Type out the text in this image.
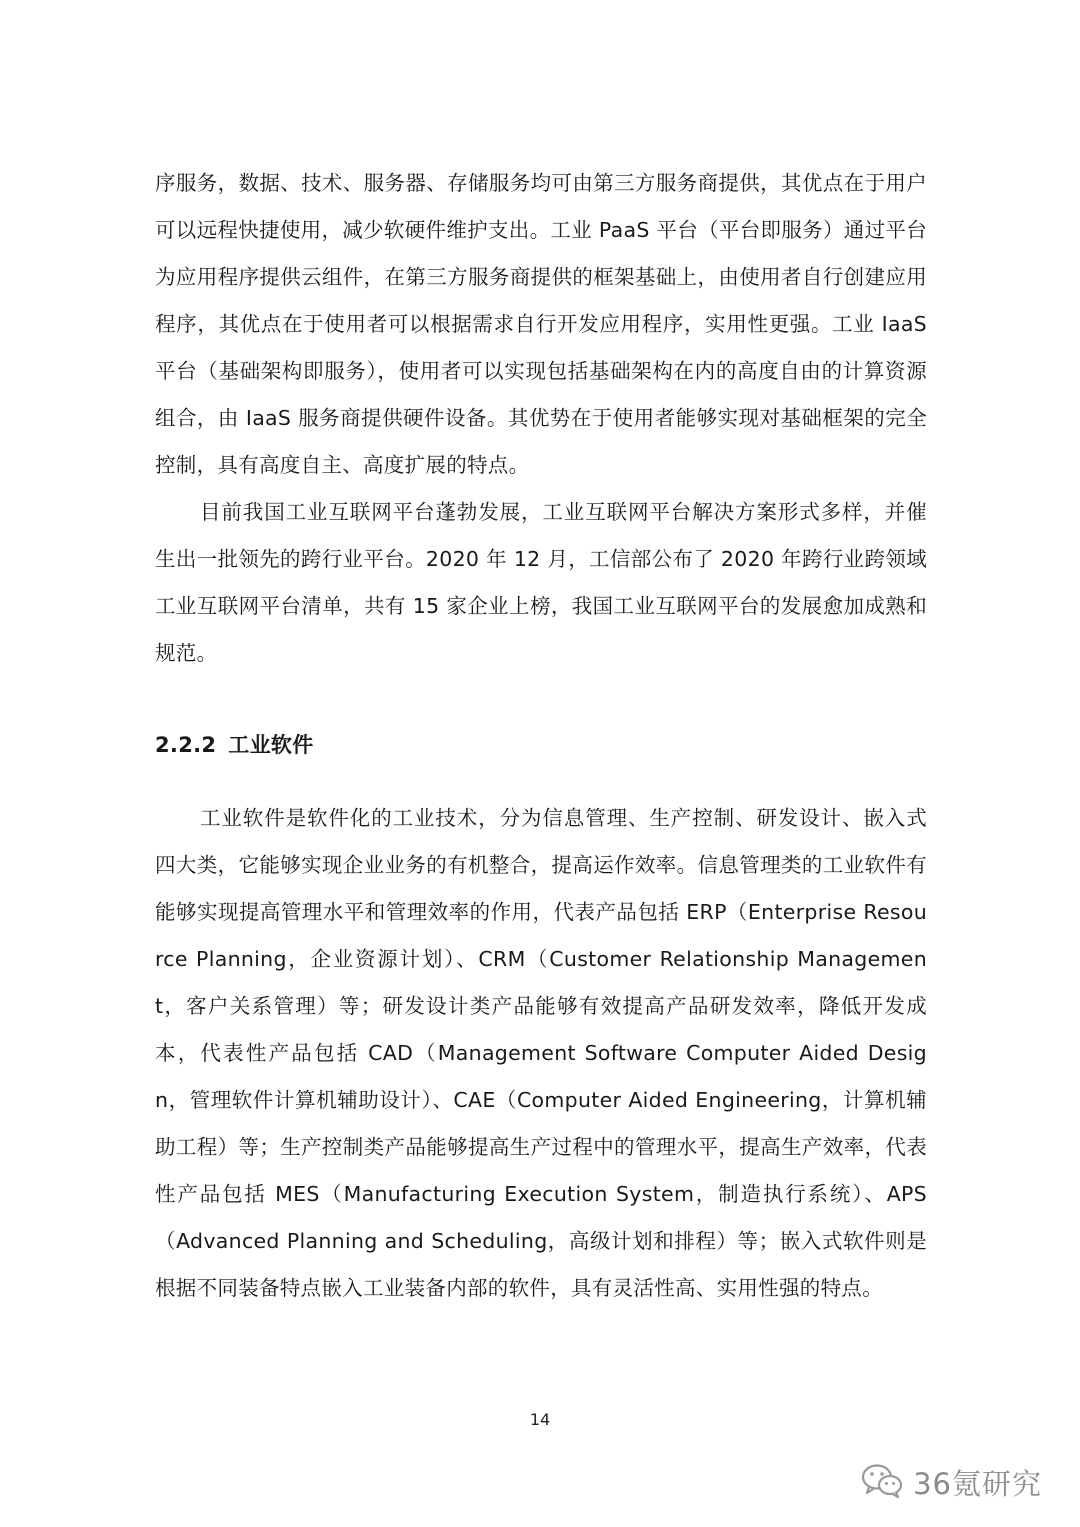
序服务，数据、技术、服务器、存储服务均可由第三方服务商提供，其优点在于用户可以远程快捷使用，减少软硬件维护支出。工业 PaaS 平台（平台即服务）通过平台为应用程序提供云组件，在第三方服务商提供的框架基础上，由使用者自行创建应用程序，其优点在于使用者可以根据需求自行开发应用程序，实用性更强。工业 IaaS 平台（基础架构即服务），使用者可以实现包括基础架构在内的高度自由的计算资源组合，由 IaaS 服务商提供硬件设备。其优势在于使用者能够实现对基础框架的完全控制，具有高度自主、高度扩展的特点。

目前我国工业互联网平台蓬勃发展，工业互联网平台解决方案形式多样，并催生出一批领先的跨行业平台。2020 年 12 月，工信部公布了 2020 年跨行业跨领域工业互联网平台清单，共有 15 家企业上榜，我国工业互联网平台的发展愈加成熟和规范。

2.2.2 工业软件

工业软件是软件化的工业技术，分为信息管理、生产控制、研发设计、嵌入式四大类，它能够实现企业业务的有机整合，提高运作效率。信息管理类的工业软件有能够实现提高管理水平和管理效率的作用，代表产品包括 ERP（Enterprise Resource Planning，企业资源计划）、CRM（Customer Relationship Management，客户关系管理）等；研发设计类产品能够有效提高产品研发效率，降低开发成本，代表性产品包括 CAD（Management Software Computer Aided Design，管理软件计算机辅助设计）、CAE（Computer Aided Engineering，计算机辅助工程）等；生产控制类产品能够提高生产过程中的管理水平，提高生产效率，代表性产品包括 MES（Manufacturing Execution System，制造执行系统）、APS（Advanced Planning and Scheduling，高级计划和排程）等；嵌入式软件则是根据不同装备特点嵌入工业装备内部的软件，具有灵活性高、实用性强的特点。

14
36氪研究
